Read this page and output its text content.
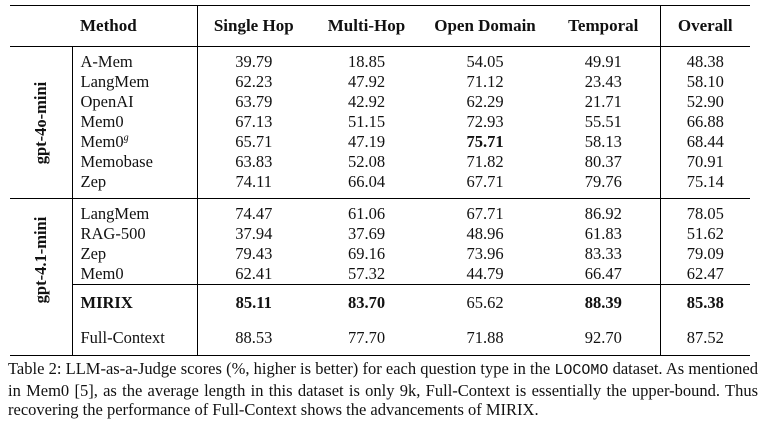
	Method	Single Hop	Multi-Hop	Open Domain	Temporal	Overall

gpt-4o-mini	A-Mem	39.79	18.85	54.05	49.91	48.38
	LangMem	62.23	47.92	71.12	23.43	58.10
	OpenAI	63.79	42.92	62.29	21.71	52.90
	Mem0	67.13	51.15	72.93	55.51	66.88
	Mem0$^g$	65.71	47.19	75.71	58.13	68.44
	Memobase	63.83	52.08	71.82	80.37	70.91
	Zep	74.11	66.04	67.71	79.76	75.14

gpt-4.1-mini	LangMem	74.47	61.06	67.71	86.92	78.05
	RAG-500	37.94	37.69	48.96	61.83	51.62
	Zep	79.43	69.16	73.96	83.33	79.09
	Mem0	62.41	57.32	44.79	66.47	62.47
	MIRIX	85.11	83.70	65.62	88.39	85.38
	Full-Context	88.53	77.70	71.88	92.70	87.52
Table 2: LLM-as-a-Judge scores (%, higher is better) for each question type in the LOCOMO dataset. As mentioned in Mem0 [5], as the average length in this dataset is only 9k, Full-Context is essentially the upper-bound. Thus recovering the performance of Full-Context shows the advancements of MIRIX.
